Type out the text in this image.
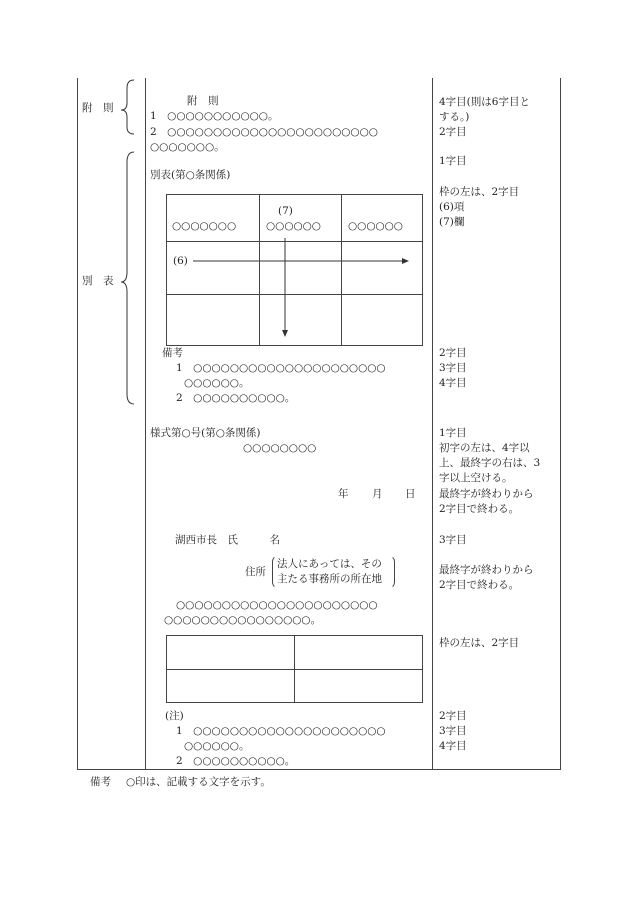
附　則
別　表
附　則
1　○○○○○○○○○○○。
2　○○○○○○○○○○○○○○○○○○○○○○○
○○○○○○○。
別表(第○条関係)
(7)
○○○○○○○	○○○○○○	○○○○○○
(6)
備考
1　○○○○○○○○○○○○○○○○○○○○○
○○○○○○。
2　○○○○○○○○○○。
様式第○号(第○条関係)
○○○○○○○○
年 月 日
湖西市長　氏　　　名
住所
法人にあっては、その
主たる事務所の所在地
○○○○○○○○○○○○○○○○○○○○○○
○○○○○○○○○○○○○○○○。
(注)
1　○○○○○○○○○○○○○○○○○○○○○
○○○○○○。
2　○○○○○○○○○○。
4字目(則は6字目と
する。)
2字目
1字目
枠の左は、2字目
(6)項
(7)欄
2字目
3字目
4字目
1字目
初字の左は、4字以
上、最終字の右は、3
字以上空ける。
最終字が終わりから
2字目で終わる。
3字目
最終字が終わりから
2字目で終わる。
枠の左は、2字目
2字目
3字目
4字目
備考 ○印は、記載する文字を示す。
